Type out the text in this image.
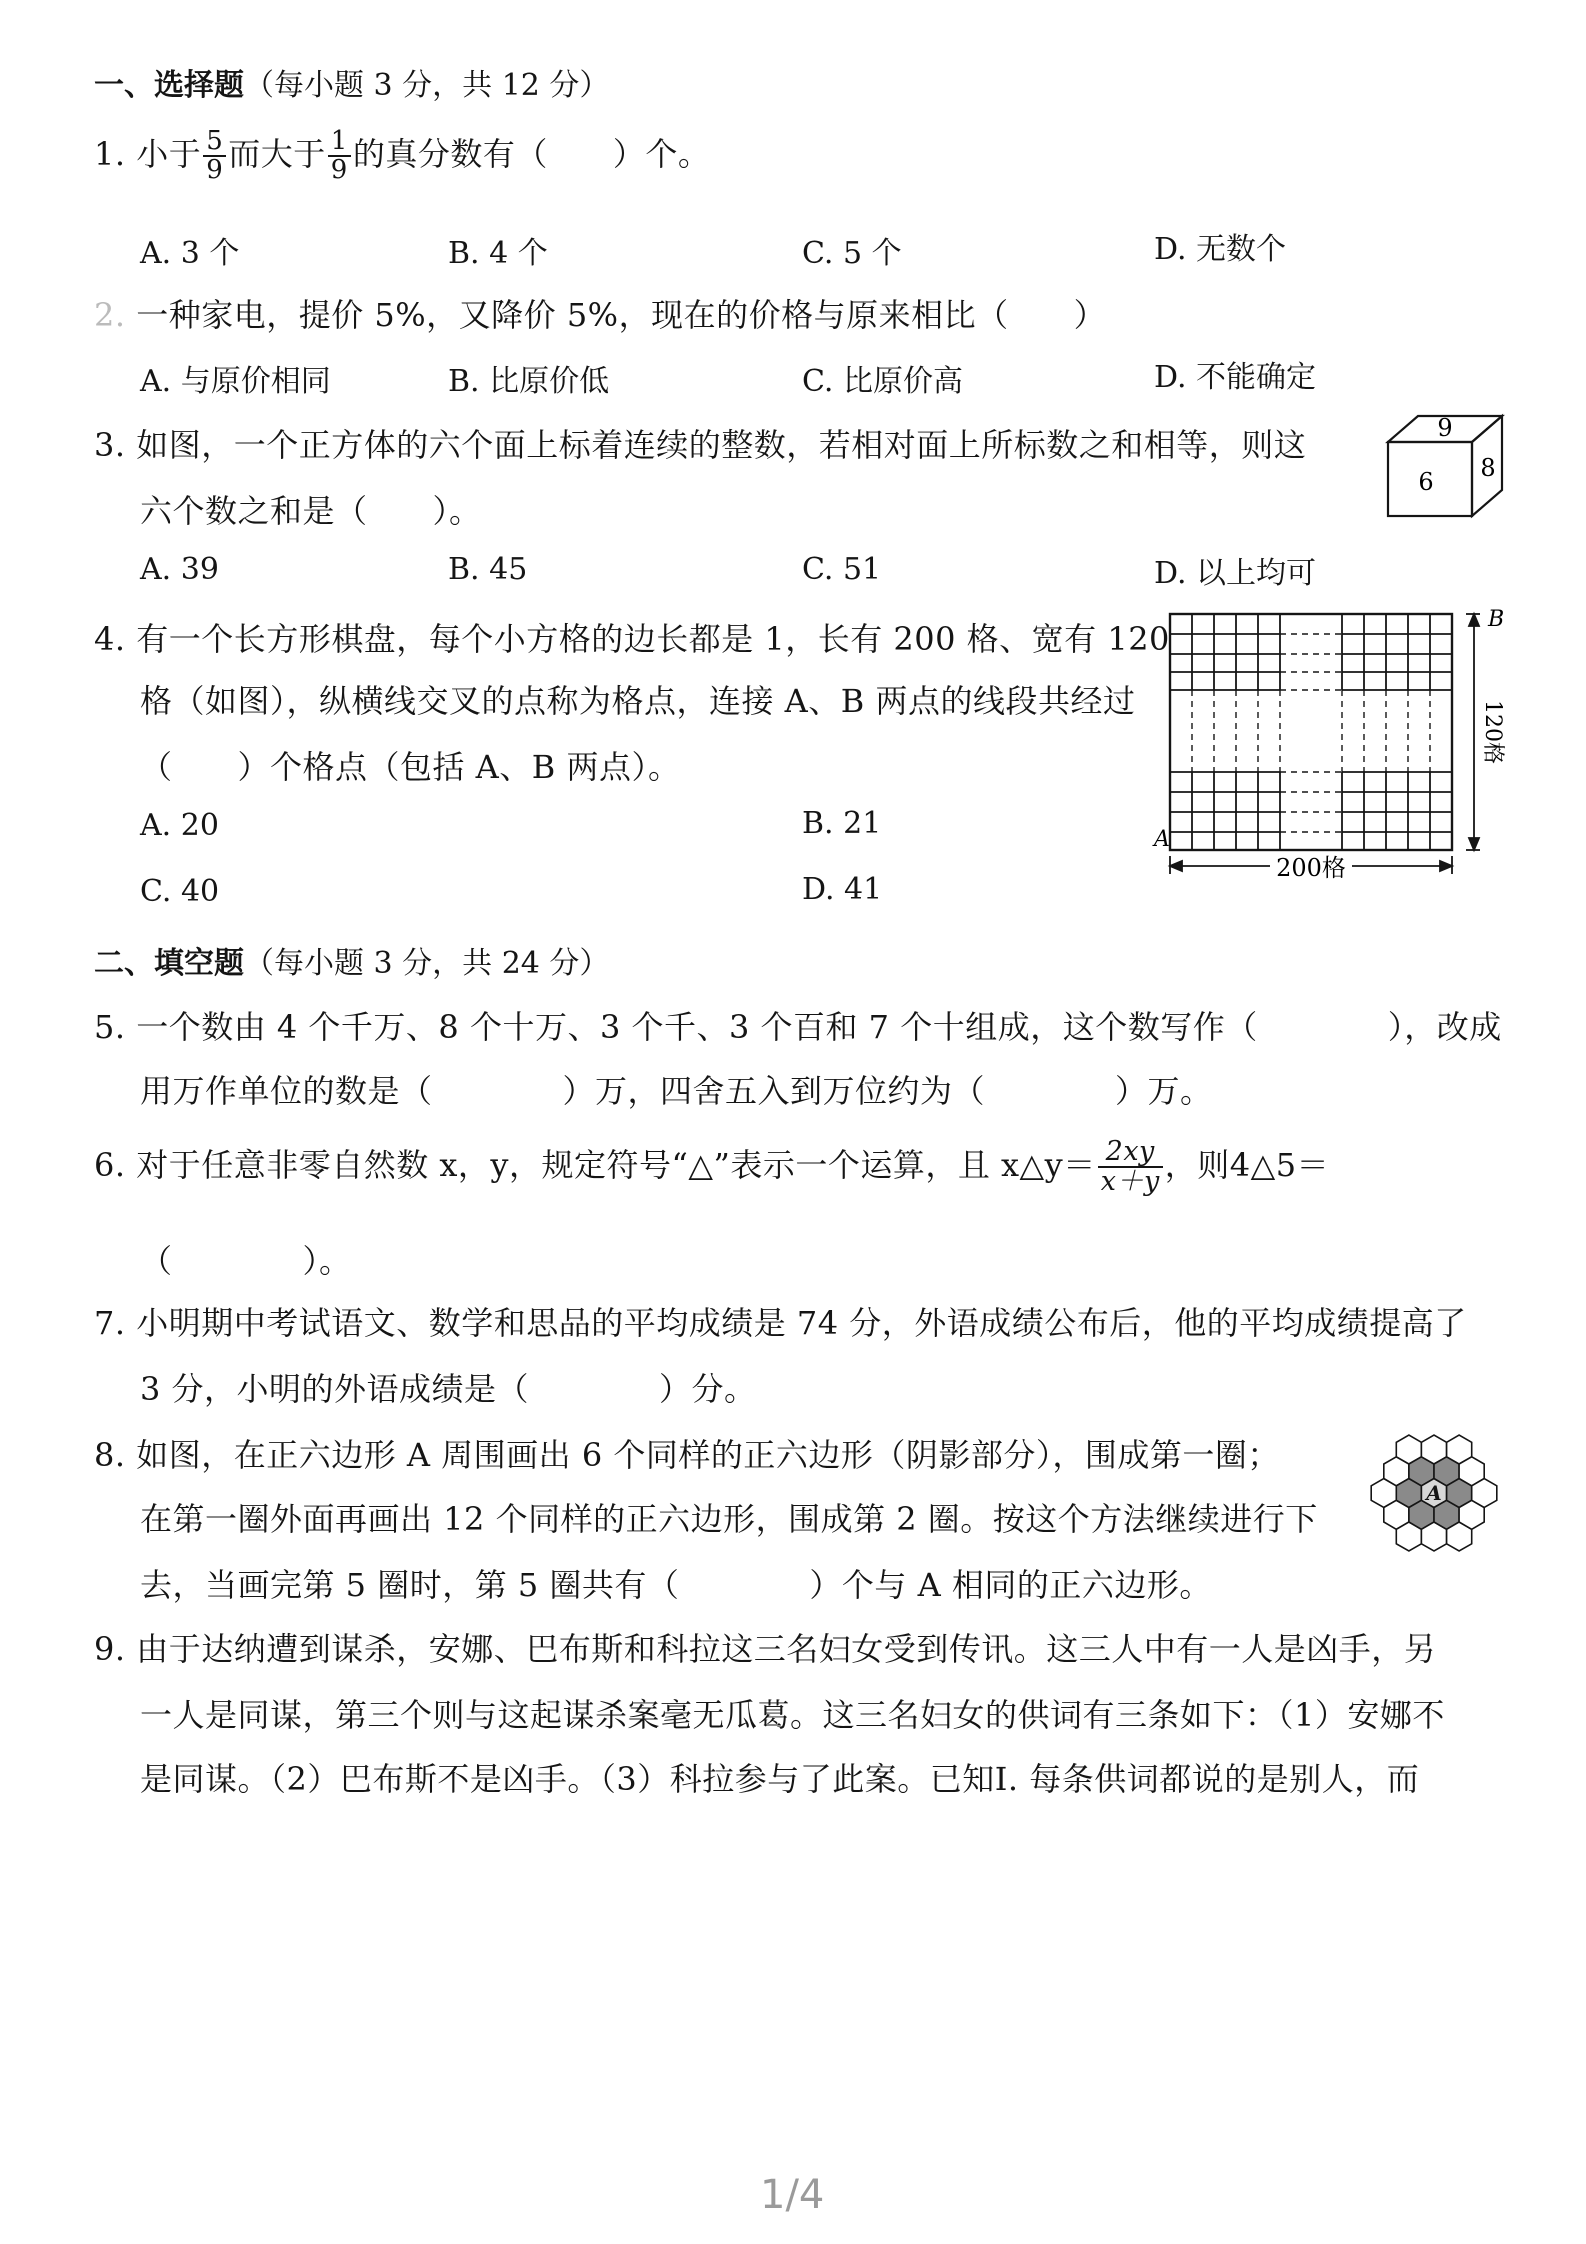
一、选择题（每小题 3 分，共 12 分）
1. 小于 $\frac{5}{9}$ 而大于 $\frac{1}{9}$ 的真分数有（　　）个。
A. 3 个	B. 4 个	C. 5 个	D. 无数个
2. 一种家电，提价 5%，又降价 5%，现在的价格与原来相比（　　）
A. 与原价相同	B. 比原价低	C. 比原价高	D. 不能确定
3. 如图，一个正方体的六个面上标着连续的整数，若相对面上所标数之和相等，则这
六个数之和是（　　）。
A. 39	B. 45	C. 51	D. 以上均可
9
6 8
4. 有一个长方形棋盘，每个小方格的边长都是 1，长有 200 格、宽有 120
格（如图），纵横线交叉的点称为格点，连接 A、B 两点的线段共经过
（　　）个格点（包括 A、B 两点）。
A. 20	B. 21
C. 40	D. 41
120格
200格
A
B
二、填空题（每小题 3 分，共 24 分）
5. 一个数由 4 个千万、8 个十万、3 个千、3 个百和 7 个十组成，这个数写作（　　　　），改成
用万作单位的数是（　　　　）万，四舍五入到万位约为（　　　　）万。
6. 对于任意非零自然数 x，y，规定符号“△”表示一个运算，且 x△y＝ $\frac{2xy}{x+y}$ ，则4△5＝
（　　　　）。
7. 小明期中考试语文、数学和思品的平均成绩是 74 分，外语成绩公布后，他的平均成绩提高了
3 分，小明的外语成绩是（　　　　）分。
8. 如图，在正六边形 A 周围画出 6 个同样的正六边形（阴影部分），围成第一圈；
在第一圈外面再画出 12 个同样的正六边形，围成第 2 圈。按这个方法继续进行下
去，当画完第 5 圈时，第 5 圈共有（　　　　）个与 A 相同的正六边形。
A
9. 由于达纳遭到谋杀，安娜、巴布斯和科拉这三名妇女受到传讯。这三人中有一人是凶手，另
一人是同谋，第三个则与这起谋杀案毫无瓜葛。这三名妇女的供词有三条如下：（1）安娜不
是同谋。（2）巴布斯不是凶手。（3）科拉参与了此案。已知Ⅰ. 每条供词都说的是别人，而
1/4
